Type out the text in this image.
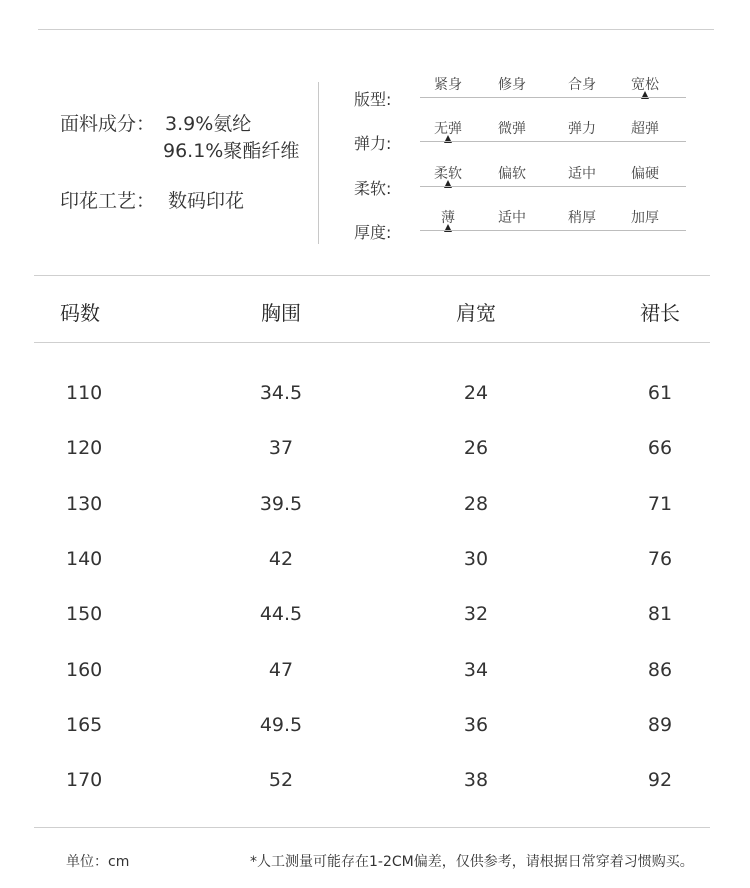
面料成分： 3.9%氨纶
96.1%聚酯纤维
印花工艺： 数码印花
版型:
紧身	修身	合身	宽松
弹力:
无弹	微弹	弹力	超弹
柔软:
柔软	偏软	适中	偏硬
厚度:
薄	适中	稍厚	加厚
码数	胸围	肩宽	裙长
110	34.5	24	61
120	37	26	66
130	39.5	28	71
140	42	30	76
150	44.5	32	81
160	47	34	86
165	49.5	36	89
170	52	38	92
单位：cm	*人工测量可能存在1-2CM偏差，仅供参考，请根据日常穿着习惯购买。
